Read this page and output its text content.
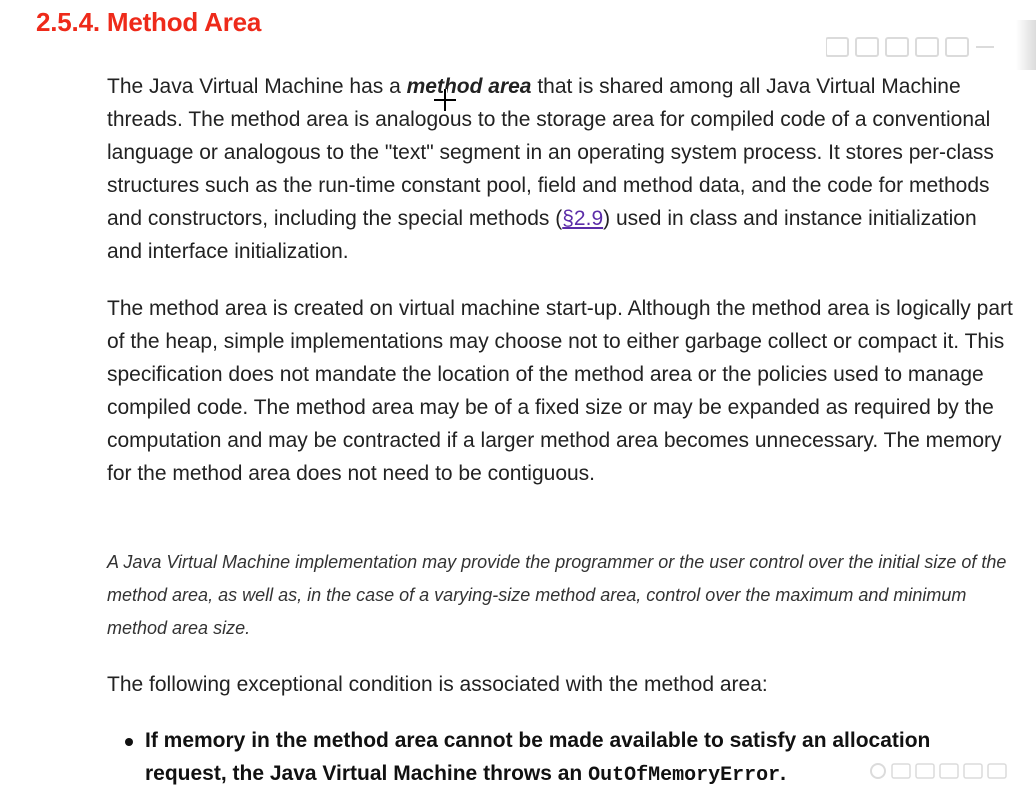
2.5.4. Method Area

The Java Virtual Machine has a method area that is shared among all Java Virtual Machine threads. The method area is analogous to the storage area for compiled code of a conventional language or analogous to the "text" segment in an operating system process. It stores per-class structures such as the run-time constant pool, field and method data, and the code for methods and constructors, including the special methods (§2.9) used in class and instance initialization and interface initialization.

The method area is created on virtual machine start-up. Although the method area is logically part of the heap, simple implementations may choose not to either garbage collect or compact it. This specification does not mandate the location of the method area or the policies used to manage compiled code. The method area may be of a fixed size or may be expanded as required by the computation and may be contracted if a larger method area becomes unnecessary. The memory for the method area does not need to be contiguous.

A Java Virtual Machine implementation may provide the programmer or the user control over the initial size of the method area, as well as, in the case of a varying-size method area, control over the maximum and minimum method area size.

The following exceptional condition is associated with the method area:

If memory in the method area cannot be made available to satisfy an allocation request, the Java Virtual Machine throws an OutOfMemoryError.
